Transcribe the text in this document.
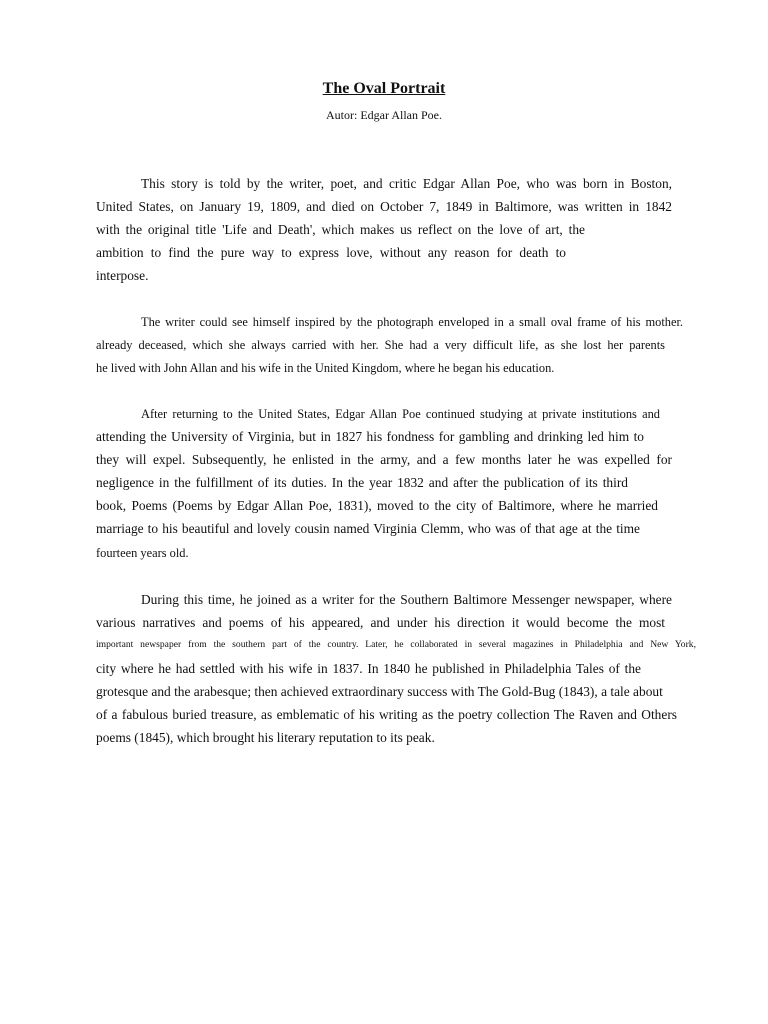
The Oval Portrait
Autor: Edgar Allan Poe.
This story is told by the writer, poet, and critic Edgar Allan Poe, who was born in Boston,
United States, on January 19, 1809, and died on October 7, 1849 in Baltimore, was written in 1842
with the original title 'Life and Death', which makes us reflect on the love of art, the
ambition to find the pure way to express love, without any reason for death to
interpose.
The writer could see himself inspired by the photograph enveloped in a small oval frame of his mother.
already deceased, which she always carried with her. She had a very difficult life, as she lost her parents
he lived with John Allan and his wife in the United Kingdom, where he began his education.
After returning to the United States, Edgar Allan Poe continued studying at private institutions and
attending the University of Virginia, but in 1827 his fondness for gambling and drinking led him to
they will expel. Subsequently, he enlisted in the army, and a few months later he was expelled for
negligence in the fulfillment of its duties. In the year 1832 and after the publication of its third
book, Poems (Poems by Edgar Allan Poe, 1831), moved to the city of Baltimore, where he married
marriage to his beautiful and lovely cousin named Virginia Clemm, who was of that age at the time
fourteen years old.
During this time, he joined as a writer for the Southern Baltimore Messenger newspaper, where
various narratives and poems of his appeared, and under his direction it would become the most
important newspaper from the southern part of the country. Later, he collaborated in several magazines in Philadelphia and New York,
city where he had settled with his wife in 1837. In 1840 he published in Philadelphia Tales of the
grotesque and the arabesque; then achieved extraordinary success with The Gold-Bug (1843), a tale about
of a fabulous buried treasure, as emblematic of his writing as the poetry collection The Raven and Others
poems (1845), which brought his literary reputation to its peak.
